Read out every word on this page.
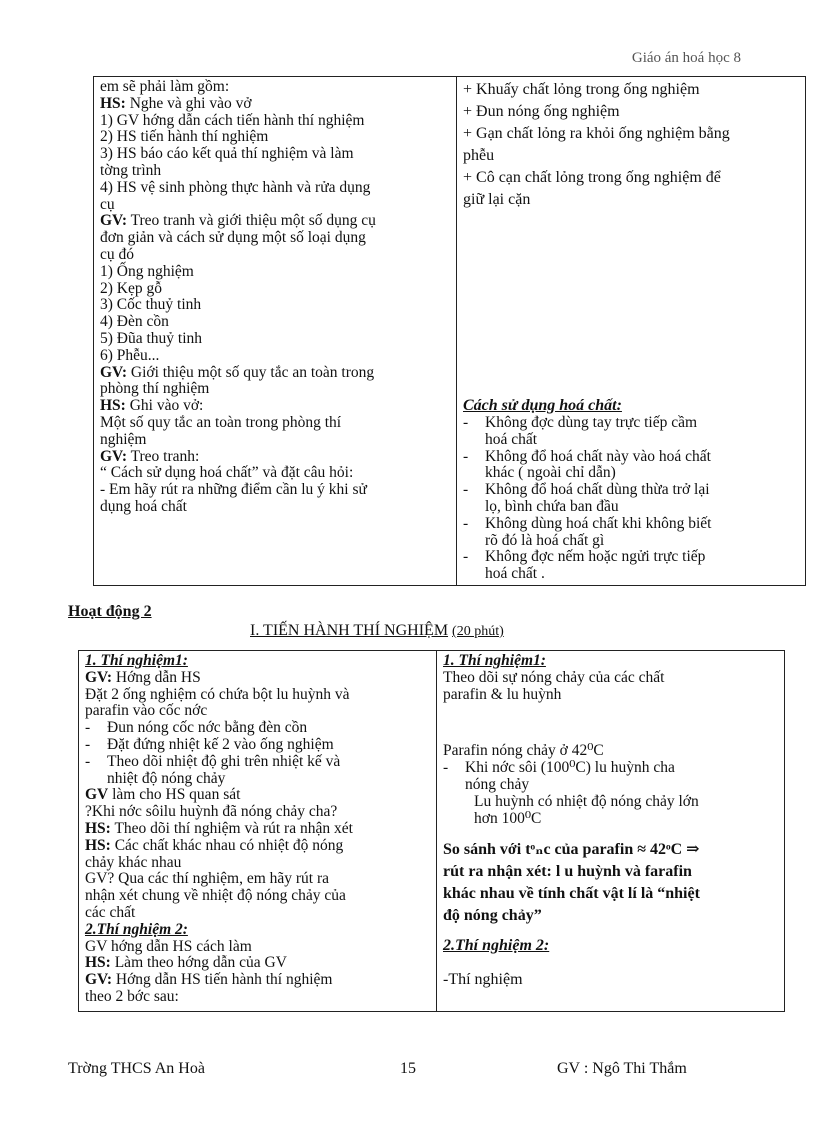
Giáo án hoá học 8
em sẽ phải làm gồm:
HS: Nghe và ghi vào vở
1) GV hớng dẫn cách tiến hành thí nghiệm
2) HS tiến hành thí nghiệm
3) HS báo cáo kết quả thí nghiệm và làm
tờng trình
4) HS vệ sinh phòng thực hành và rửa dụng
cụ
GV: Treo tranh và giới thiệu một số dụng cụ
đơn giản và cách sử dụng một số loại dụng
cụ đó
1) Ống nghiệm
2) Kẹp gỗ
3) Cốc thuỷ tinh
4) Đèn cồn
5) Đũa thuỷ tinh
6) Phễu...
GV: Giới thiệu một số quy tắc an toàn trong
phòng thí nghiệm
HS: Ghi vào vở:
Một số quy tắc an toàn trong phòng thí
nghiệm
GV: Treo tranh:
“ Cách sử dụng hoá chất” và đặt câu hỏi:
- Em hãy rút ra những điểm cần lu ý khi sử
dụng hoá chất

+ Khuấy chất lỏng trong ống nghiệm
+ Đun nóng ống nghiệm
+ Gạn chất lỏng ra khỏi ống nghiệm bằng
phễu
+ Cô cạn chất lỏng trong ống nghiệm để
giữ lại cặn
Cách sử dụng hoá chất:
-	Không đợc dùng tay trực tiếp cầm
hoá chất
-	Không đổ hoá chất này vào hoá chất
khác ( ngoài chỉ dẫn)
-	Không đổ hoá chất dùng thừa trở lại
lọ, bình chứa ban đầu
-	Không dùng hoá chất khi không biết
rõ đó là hoá chất gì
-	Không đợc nếm hoặc ngửi trực tiếp
hoá chất .
Hoạt động 2
I. TIẾN HÀNH THÍ NGHIỆM (20 phút)
1. Thí nghiệm1:
GV: Hớng dẫn HS
Đặt 2 ống nghiệm có chứa bột lu huỳnh và
parafin vào cốc nớc
-	Đun nóng cốc nớc bằng đèn cồn
-	Đặt đứng nhiệt kế 2 vào ống nghiệm
-	Theo dõi nhiệt độ ghi trên nhiệt kế và
nhiệt độ nóng chảy
GV làm cho HS quan sát
?Khi nớc sôilu huỳnh đã nóng chảy cha?
HS: Theo dõi thí nghiệm và rút ra nhận xét
HS: Các chất khác nhau có nhiệt độ nóng
chảy khác nhau
GV? Qua các thí nghiệm, em hãy rút ra
nhận xét chung về nhiệt độ nóng chảy của
các chất
2.Thí nghiệm 2:
GV hớng dẫn HS cách làm
HS: Làm theo hớng dẫn của GV
GV: Hớng dẫn HS tiến hành thí nghiệm
theo 2 bớc sau:

1. Thí nghiệm1:
Theo dõi sự nóng chảy của các chất
parafin & lu huỳnh
Parafin nóng chảy ở 42⁰C
-	Khi nớc sôi (100⁰C) lu huỳnh cha
nóng chảy
Lu huỳnh có nhiệt độ nóng chảy lớn
hơn 100⁰C
So sánh với tᵒₙc của parafin ≈ 42ᵒC ⇒
rút ra nhận xét: l u huỳnh và farafin
khác nhau về tính chất vật lí là “nhiệt
độ nóng chảy”
2.Thí nghiệm 2:
-Thí nghiệm
Trờng THCS An Hoà	15	GV : Ngô Thi Thắm
